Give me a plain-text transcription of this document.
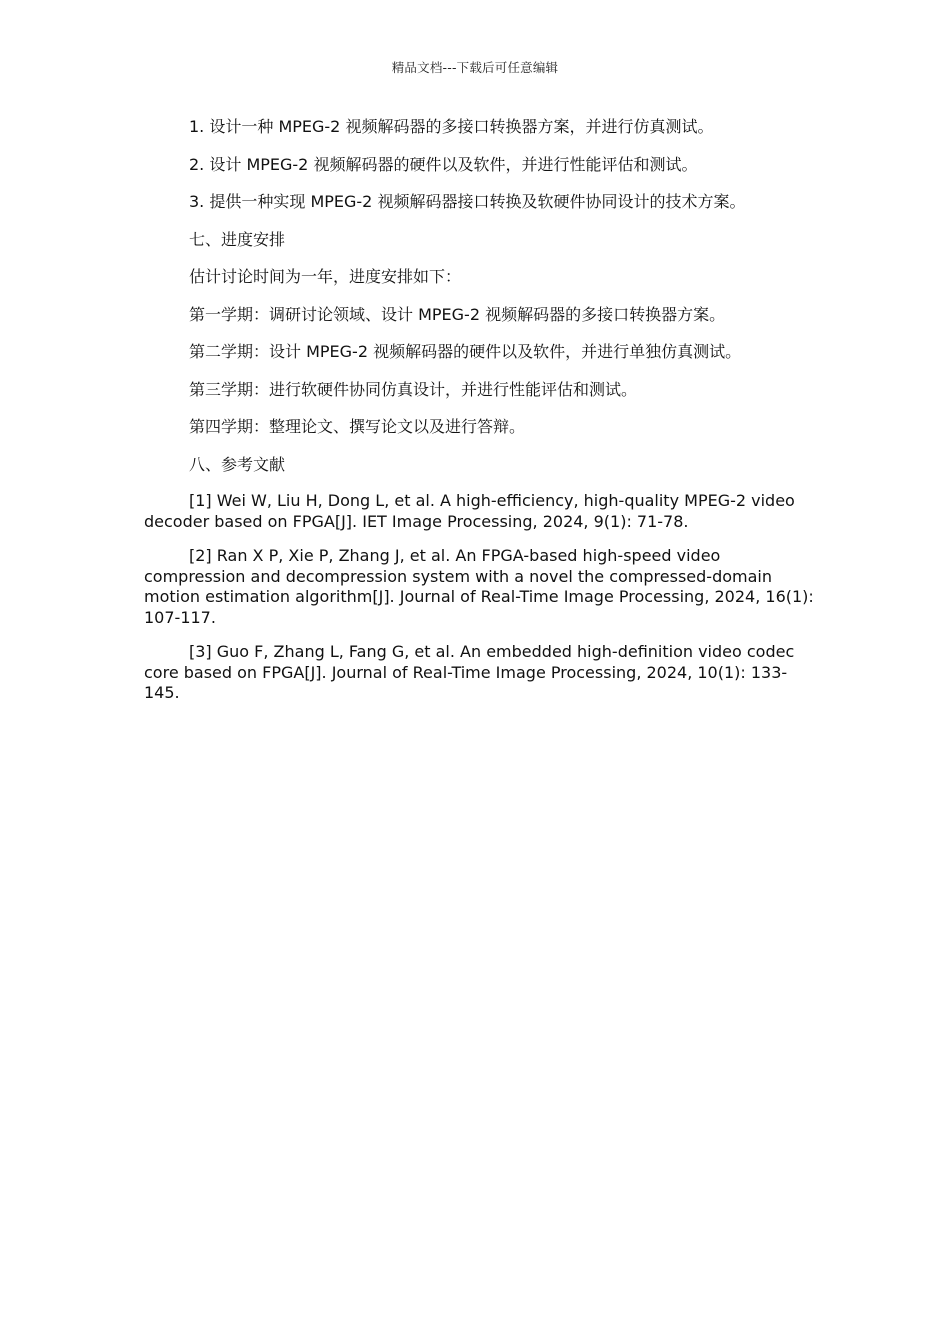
精品文档---下载后可任意编辑

1. 设计一种 MPEG-2 视频解码器的多接口转换器方案，并进行仿真测试。

2. 设计 MPEG-2 视频解码器的硬件以及软件，并进行性能评估和测试。

3. 提供一种实现 MPEG-2 视频解码器接口转换及软硬件协同设计的技术方案。

七、进度安排

估计讨论时间为一年，进度安排如下：

第一学期：调研讨论领域、设计 MPEG-2 视频解码器的多接口转换器方案。

第二学期：设计 MPEG-2 视频解码器的硬件以及软件，并进行单独仿真测试。

第三学期：进行软硬件协同仿真设计，并进行性能评估和测试。

第四学期：整理论文、撰写论文以及进行答辩。

八、参考文献

[1] Wei W, Liu H, Dong L, et al. A high-efficiency, high-quality MPEG-2 video decoder based on FPGA[J]. IET Image Processing, 2024, 9(1): 71-78.

[2] Ran X P, Xie P, Zhang J, et al. An FPGA-based high-speed video compression and decompression system with a novel the compressed-domain motion estimation algorithm[J]. Journal of Real-Time Image Processing, 2024, 16(1): 107-117.

[3] Guo F, Zhang L, Fang G, et al. An embedded high-definition video codec core based on FPGA[J]. Journal of Real-Time Image Processing, 2024, 10(1): 133-145.
